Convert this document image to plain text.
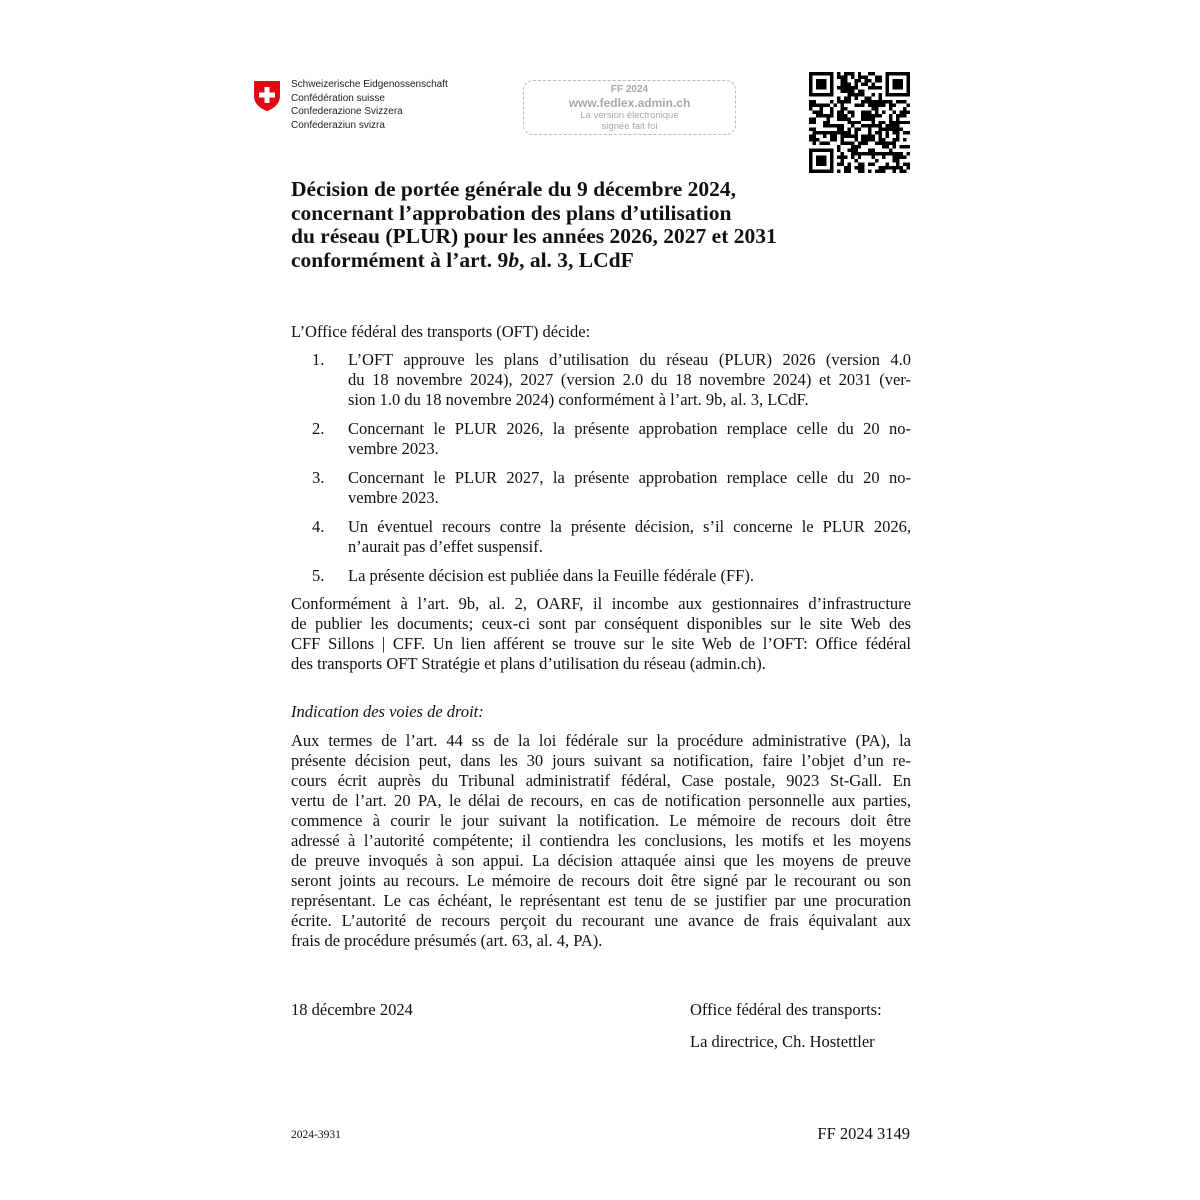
Schweizerische Eidgenossenschaft
Confédération suisse
Confederazione Svizzera
Confederaziun svizra
FF 2024
www.fedlex.admin.ch
La version électronique
signée fait foi
Décision de portée générale du 9 décembre 2024,
concernant l’approbation des plans d’utilisation
du réseau (PLUR) pour les années 2026, 2027 et 2031
conformément à l’art. 9b, al. 3, LCdF
L’Office fédéral des transports (OFT) décide:
1. L’OFT approuve les plans d’utilisation du réseau (PLUR) 2026 (version 4.0
du 18 novembre 2024), 2027 (version 2.0 du 18 novembre 2024) et 2031 (ver-
sion 1.0 du 18 novembre 2024) conformément à l’art. 9b, al. 3, LCdF.
2. Concernant le PLUR 2026, la présente approbation remplace celle du 20 no-
vembre 2023.
3. Concernant le PLUR 2027, la présente approbation remplace celle du 20 no-
vembre 2023.
4. Un éventuel recours contre la présente décision, s’il concerne le PLUR 2026,
n’aurait pas d’effet suspensif.
5. La présente décision est publiée dans la Feuille fédérale (FF).
Conformément à l’art. 9b, al. 2, OARF, il incombe aux gestionnaires d’infrastructure
de publier les documents; ceux-ci sont par conséquent disponibles sur le site Web des
CFF Sillons | CFF. Un lien afférent se trouve sur le site Web de l’OFT: Office fédéral
des transports OFT Stratégie et plans d’utilisation du réseau (admin.ch).
Indication des voies de droit:
Aux termes de l’art. 44 ss de la loi fédérale sur la procédure administrative (PA), la
présente décision peut, dans les 30 jours suivant sa notification, faire l’objet d’un re-
cours écrit auprès du Tribunal administratif fédéral, Case postale, 9023 St-Gall. En
vertu de l’art. 20 PA, le délai de recours, en cas de notification personnelle aux parties,
commence à courir le jour suivant la notification. Le mémoire de recours doit être
adressé à l’autorité compétente; il contiendra les conclusions, les motifs et les moyens
de preuve invoqués à son appui. La décision attaquée ainsi que les moyens de preuve
seront joints au recours. Le mémoire de recours doit être signé par le recourant ou son
représentant. Le cas échéant, le représentant est tenu de se justifier par une procuration
écrite. L’autorité de recours perçoit du recourant une avance de frais équivalant aux
frais de procédure présumés (art. 63, al. 4, PA).
18 décembre 2024	Office fédéral des transports:
La directrice, Ch. Hostettler
2024-3931	FF 2024 3149
